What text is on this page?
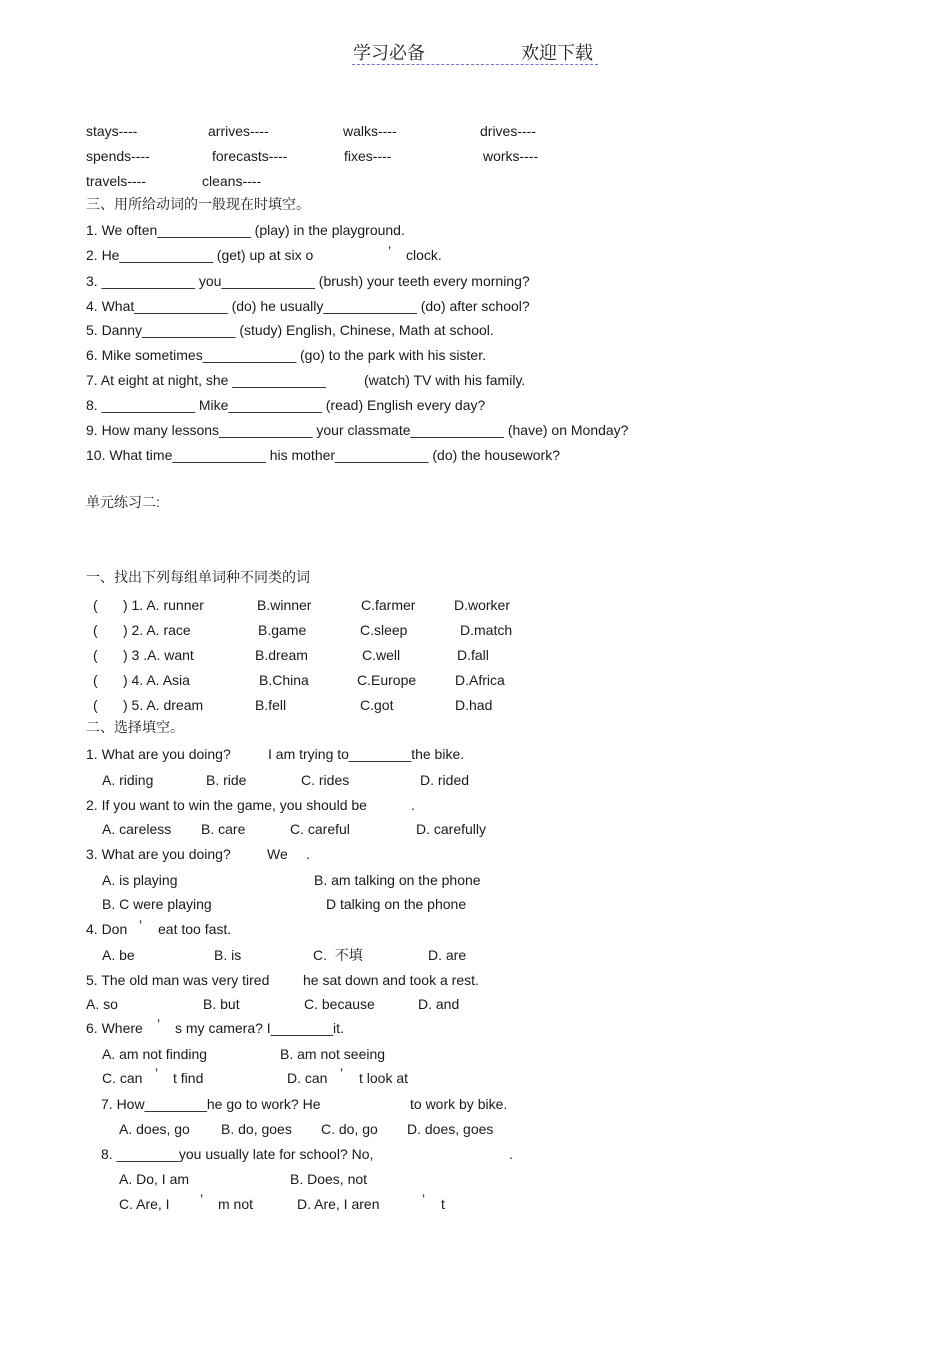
学习必备	欢迎下载
stays----	arrives----	walks----	drives----
spends----	forecasts----	fixes----	works----
travels----	cleans----
三、用所给动词的一般现在时填空。
1. We often____________ (play) in the playground.
2. He____________ (get) up at six o	’ clock.
3. ____________ you____________ (brush) your teeth every morning?
4. What____________ (do) he usually____________ (do) after school?
5. Danny____________ (study) English, Chinese, Math at school.
6. Mike sometimes____________ (go) to the park with his sister.
7. At eight at night, she ____________	(watch) TV with his family.
8. ____________ Mike____________ (read) English every day?
9. How many lessons____________ your classmate____________ (have) on Monday?
10. What time____________ his mother____________ (do) the housework?
单元练习二:
一、找出下列每组单词种不同类的词
( ) 1. A. runner	B.winner	C.farmer	D.worker
( ) 2. A. race	B.game	C.sleep	D.match
( ) 3 .A. want	B.dream	C.well	D.fall
( ) 4. A. Asia	B.China	C.Europe	D.Africa
( ) 5. A. dream	B.fell	C.got	D.had
二、选择填空。
1. What are you doing?	I am trying to________the bike.
A. riding	B. ride	C. rides	D. rided
2. If you want to win the game, you should be	.
A. careless B. care	C. careful	D. carefully
3. What are you doing?	We .
A. is playing	B. am talking on the phone
B. C were playing	D talking on the phone
4. Don ’ eat too fast.
A. be	B. is	C.  不填	D. are
5. The old man was very tired he sat down and took a rest.
A. so	B. but	C. because	D. and
6. Where ’ s my camera? I________it.
A. am not finding	B. am not seeing
C. can ’ t find	D. can ’ t look at
7. How________he go to work? He	to work by bike.
A. does, go B. do, goes C. do, go D. does, goes
8. ________you usually late for school? No,	.
A. Do, I am	B. Does, not
C. Are, I ’ m not	D. Are, I aren	’ t
